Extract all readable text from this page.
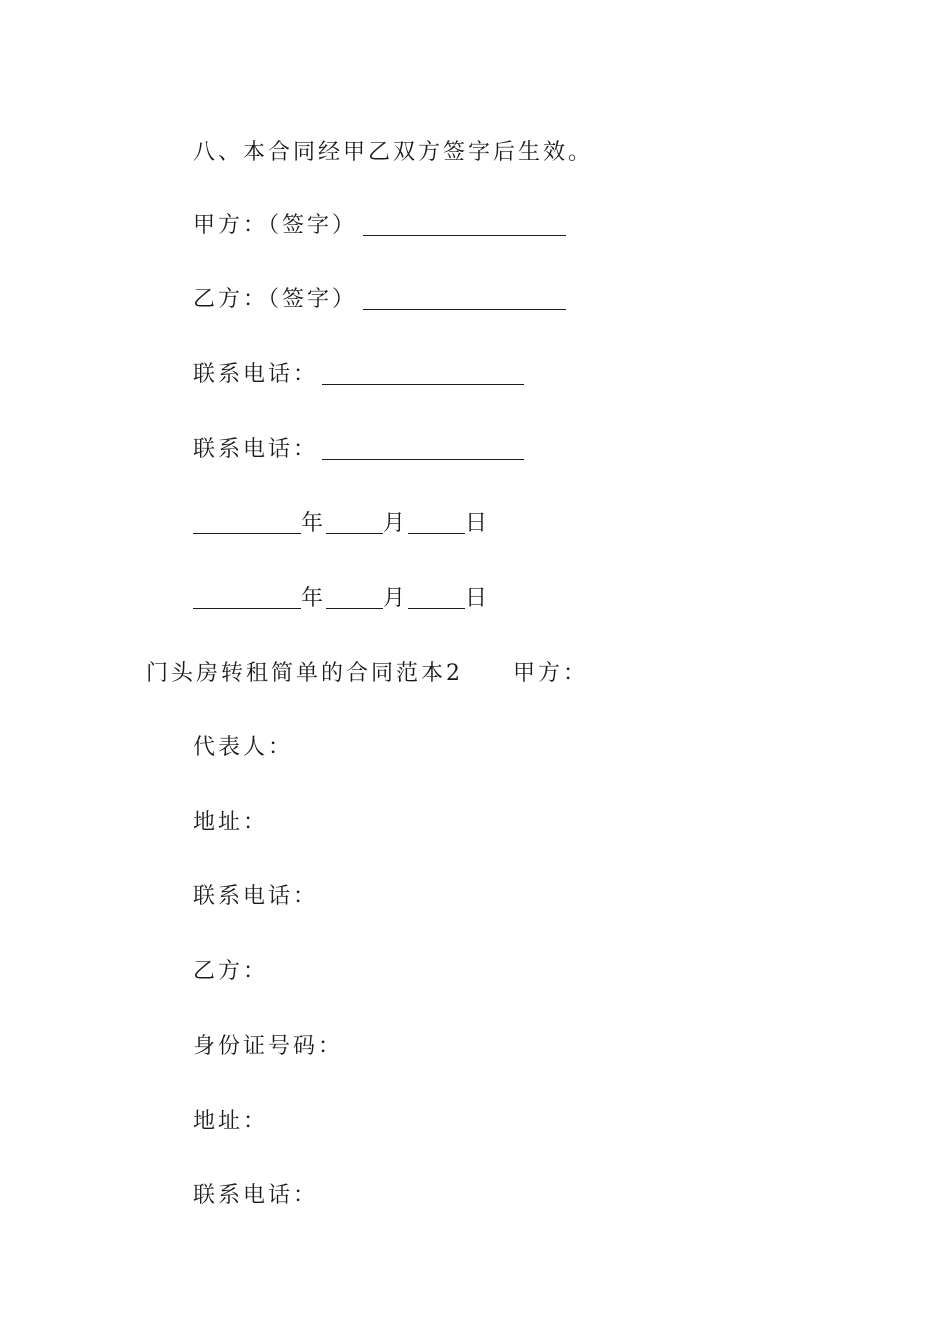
八、本合同经甲乙双方签字后生效。
甲方：（签字）
乙方：（签字）
联系电话：
联系电话：
年	月	日
年	月	日
门头房转租简单的合同范本2 甲方：
代表人：
地址：
联系电话：
乙方：
身份证号码：
地址：
联系电话：
